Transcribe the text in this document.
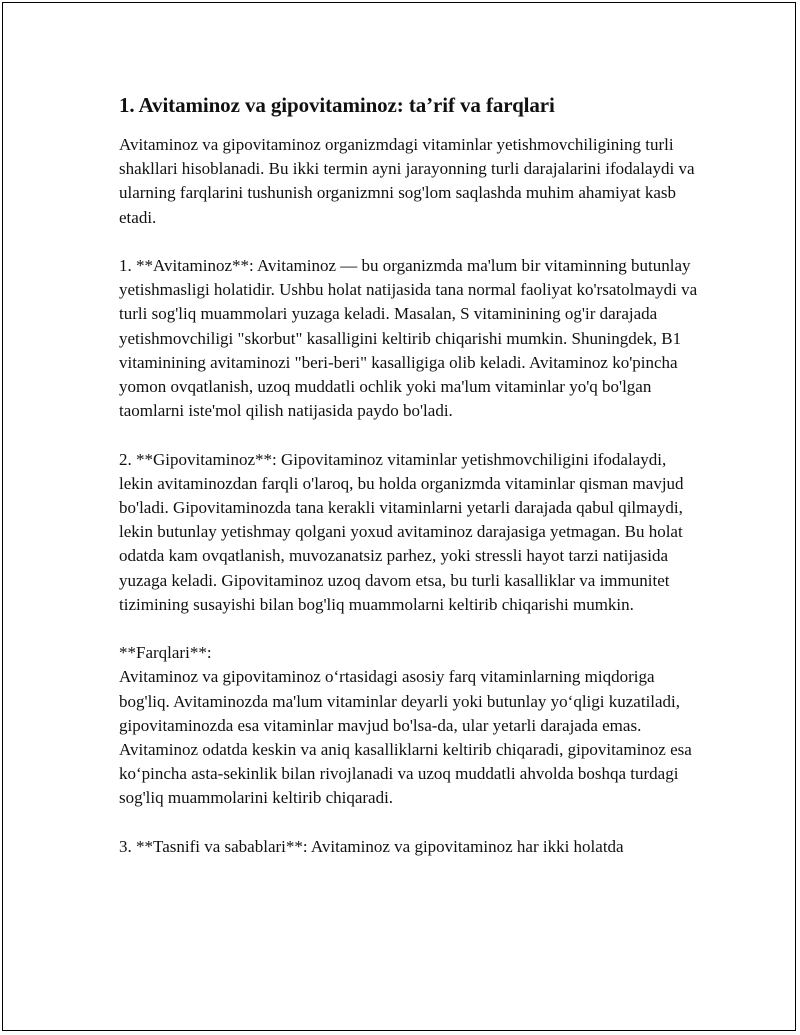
1. Avitaminoz va gipovitaminoz: ta’rif va farqlari

Avitaminoz va gipovitaminoz organizmdagi vitaminlar yetishmovchiligining turli shakllari hisoblanadi. Bu ikki termin ayni jarayonning turli darajalarini ifodalaydi va ularning farqlarini tushunish organizmni sog'lom saqlashda muhim ahamiyat kasb etadi.

1. **Avitaminoz**: Avitaminoz — bu organizmda ma'lum bir vitaminning butunlay yetishmasligi holatidir. Ushbu holat natijasida tana normal faoliyat ko'rsatolmaydi va turli sog'liq muammolari yuzaga keladi. Masalan, S vitaminining og'ir darajada yetishmovchiligi "skorbut" kasalligini keltirib chiqarishi mumkin. Shuningdek, B1 vitaminining avitaminozi "beri-beri" kasalligiga olib keladi. Avitaminoz ko'pincha yomon ovqatlanish, uzoq muddatli ochlik yoki ma'lum vitaminlar yo'q bo'lgan taomlarni iste'mol qilish natijasida paydo bo'ladi.

2. **Gipovitaminoz**: Gipovitaminoz vitaminlar yetishmovchiligini ifodalaydi, lekin avitaminozdan farqli o'laroq, bu holda organizmda vitaminlar qisman mavjud bo'ladi. Gipovitaminozda tana kerakli vitaminlarni yetarli darajada qabul qilmaydi, lekin butunlay yetishmay qolgani yoxud avitaminoz darajasiga yetmagan. Bu holat odatda kam ovqatlanish, muvozanatsiz parhez, yoki stressli hayot tarzi natijasida yuzaga keladi. Gipovitaminoz uzoq davom etsa, bu turli kasalliklar va immunitet tizimining susayishi bilan bog'liq muammolarni keltirib chiqarishi mumkin.

**Farqlari**:
Avitaminoz va gipovitaminoz o‘rtasidagi asosiy farq vitaminlarning miqdoriga bog'liq. Avitaminozda ma'lum vitaminlar deyarli yoki butunlay yo‘qligi kuzatiladi, gipovitaminozda esa vitaminlar mavjud bo'lsa-da, ular yetarli darajada emas. Avitaminoz odatda keskin va aniq kasalliklarni keltirib chiqaradi, gipovitaminoz esa ko‘pincha asta-sekinlik bilan rivojlanadi va uzoq muddatli ahvolda boshqa turdagi sog'liq muammolarini keltirib chiqaradi.

3. **Tasnifi va sabablari**: Avitaminoz va gipovitaminoz har ikki holatda
